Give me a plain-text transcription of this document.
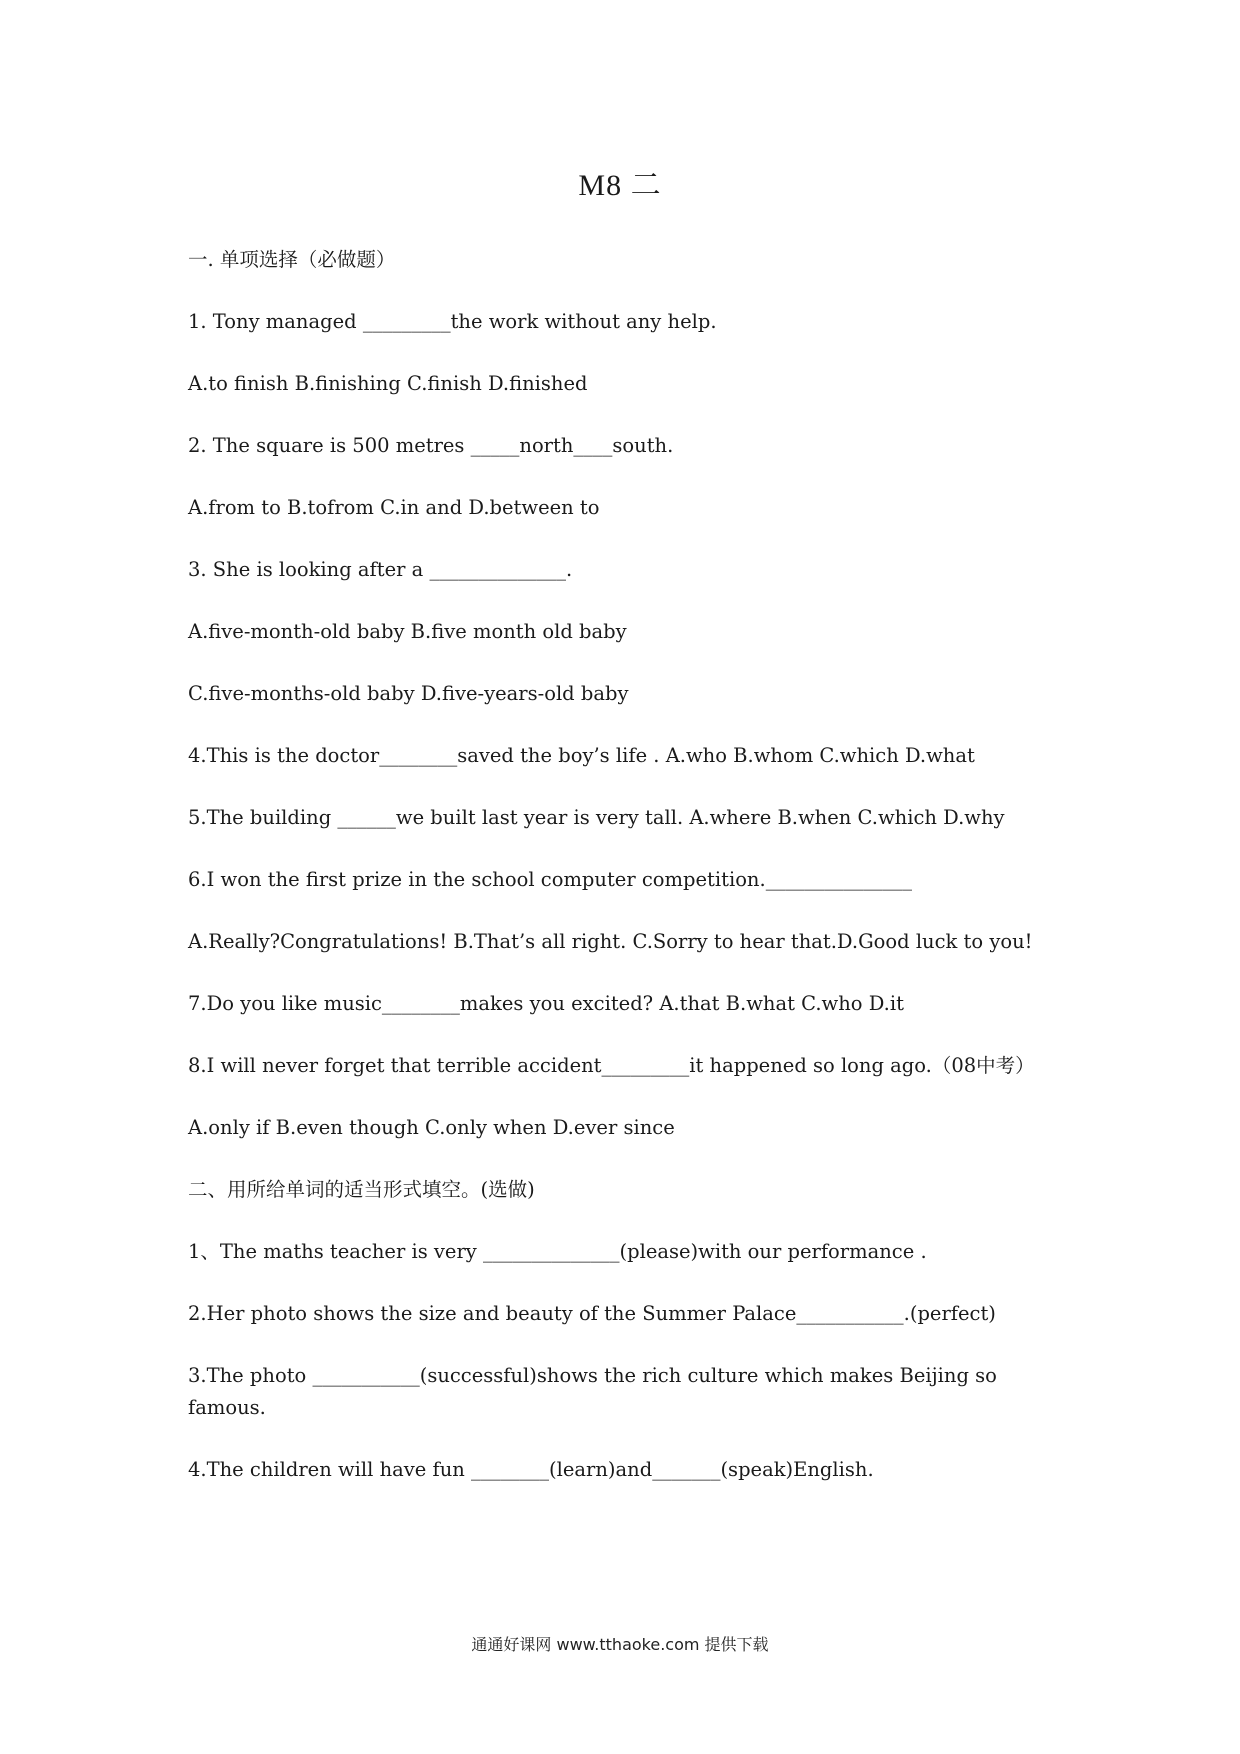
M8 二
一. 单项选择（必做题）
1. Tony managed _________the work without any help.
A.to finish B.finishing C.finish D.finished
2. The square is 500 metres _____north____south.
A.from to B.tofrom C.in and D.between to
3. She is looking after a ______________.
A.five-month-old baby B.five month old baby
C.five-months-old baby D.five-years-old baby
4.This is the doctor________saved the boy’s life . A.who B.whom C.which D.what
5.The building ______we built last year is very tall. A.where B.when C.which D.why
6.I won the first prize in the school computer competition._______________
A.Really?Congratulations! B.That’s all right. C.Sorry to hear that.D.Good luck to you!
7.Do you like music________makes you excited? A.that B.what C.who D.it
8.I will never forget that terrible accident_________it happened so long ago.（08中考）
A.only if B.even though C.only when D.ever since
二、用所给单词的适当形式填空。(选做)
1、The maths teacher is very ______________(please)with our performance .
2.Her photo shows the size and beauty of the Summer Palace___________.(perfect)
3.The photo ___________(successful)shows the rich culture which makes Beijing so famous.
4.The children will have fun ________(learn)and_______(speak)English.
通通好课网 www.tthaoke.com 提供下载
